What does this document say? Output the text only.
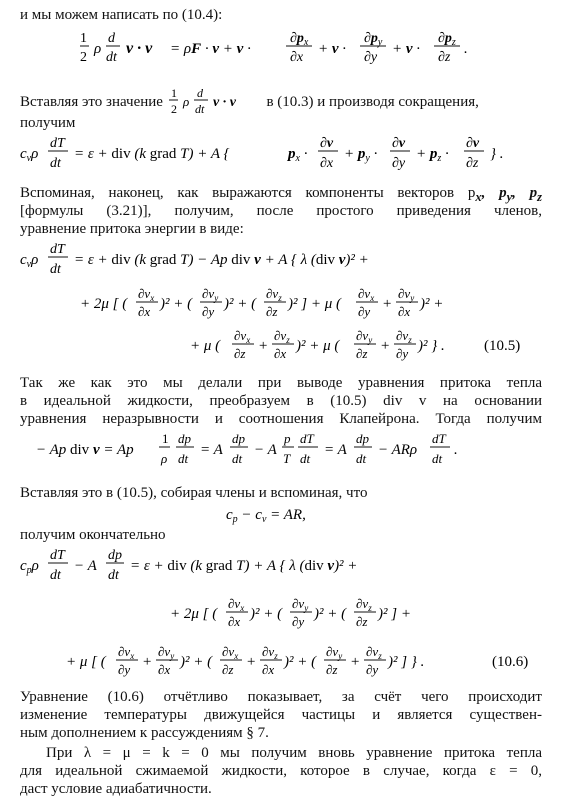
и мы можем написать по (10.4):
1
2
ρ
d
dt
v · v = ρF · v + v ·
$\partial p_x$
∂x
+ v ·
$\partial p_y$
∂y
+ v ·
$\partial p_z$
∂z
.
Вставляя это значение
1
2 ρ
d
dt v · v в (10.3) и производя сокращения,
получим
$c_v\rho$
dT
dt
= ε + div (k grad T) + A {	$p_x$ ·
∂v
∂x
+ $p_y$ ·
∂v
∂y
+ $p_z$ ·
∂v
∂z
} .
Вспоминая, наконец, как выражаются компоненты векторов $p_x$, $p_y$, $p_z$
[формулы (3.21)], получим, после простого приведения членов,
уравнение притока энергии в виде:
$c_v\rho$
dT
dt
= ε + div (k grad T) − Ap div v + A { λ (div v)² +
+ 2μ [ (
$\partial v_x$
∂x )² + (
$\partial v_y$
∂y )² + (
$\partial v_z$
∂z )² ] + μ (
$\partial v_x$
∂y +
$\partial v_y$
∂x )² +
+ μ (
$\partial v_x$
∂z +
$\partial v_z$
∂x )² + μ (
$\partial v_y$
∂z +
$\partial v_z$
∂y )² } .	(10.5)
Так же как это мы делали при выводе уравнения притока тепла
в идеальной жидкости, преобразуем в (10.5) div v на основании
уравнения неразрывности и соотношения Клапейрона. Тогда получим
− Ap div v = Ap
1
ρ
dp
dt
= A
dp
dt
− A
p
T
dT
dt
= A
dp
dt
− ARρ
dT
dt
.
Вставляя это в (10.5), собирая члены и вспоминая, что
$c_p - c_v$ = AR,
получим окончательно
$c_p\rho$
dT
dt
− A
dp
dt
= ε + div (k grad T) + A { λ (div v)² +
+ 2μ [ (
$\partial v_x$
∂x )² + (
$\partial v_y$
∂y )² + (
$\partial v_z$
∂z )² ] +
+ μ [ (
$\partial v_x$
∂y +
$\partial v_y$
∂x )² + (
$\partial v_x$
∂z +
$\partial v_z$
∂x )² + (
$\partial v_y$
∂z +
$\partial v_z$
∂y )² ] } .	(10.6)
Уравнение (10.6) отчётливо показывает, за счёт чего происходит
изменение температуры движущейся частицы и является существен-
ным дополнением к рассуждениям § 7.
При λ = μ = k = 0 мы получим вновь уравнение притока тепла
для идеальной сжимаемой жидкости, которое в случае, когда ε = 0,
даст условие адиабатичности.
